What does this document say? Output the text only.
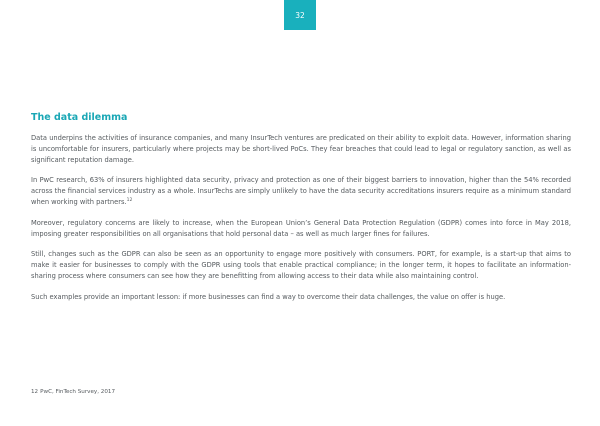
32
The data dilemma

Data underpins the activities of insurance companies, and many InsurTech ventures are predicated on their ability to exploit data. However, information sharing is uncomfortable for insurers, particularly where projects may be short-lived PoCs. They fear breaches that could lead to legal or regulatory sanction, as well as significant reputation damage.

In PwC research, 63% of insurers highlighted data security, privacy and protection as one of their biggest barriers to innovation, higher than the 54% recorded across the financial services industry as a whole. InsurTechs are simply unlikely to have the data security accreditations insurers require as a minimum standard when working with partners.$^{12}$

Moreover, regulatory concerns are likely to increase, when the European Union’s General Data Protection Regulation (GDPR) comes into force in May 2018, imposing greater responsibilities on all organisations that hold personal data – as well as much larger fines for failures.

Still, changes such as the GDPR can also be seen as an opportunity to engage more positively with consumers. PORT, for example, is a start-up that aims to make it easier for businesses to comply with the GDPR using tools that enable practical compliance; in the longer term, it hopes to facilitate an information-sharing process where consumers can see how they are benefitting from allowing access to their data while also maintaining control.

Such examples provide an important lesson: if more businesses can find a way to overcome their data challenges, the value on offer is huge.

12 PwC, FinTech Survey, 2017
